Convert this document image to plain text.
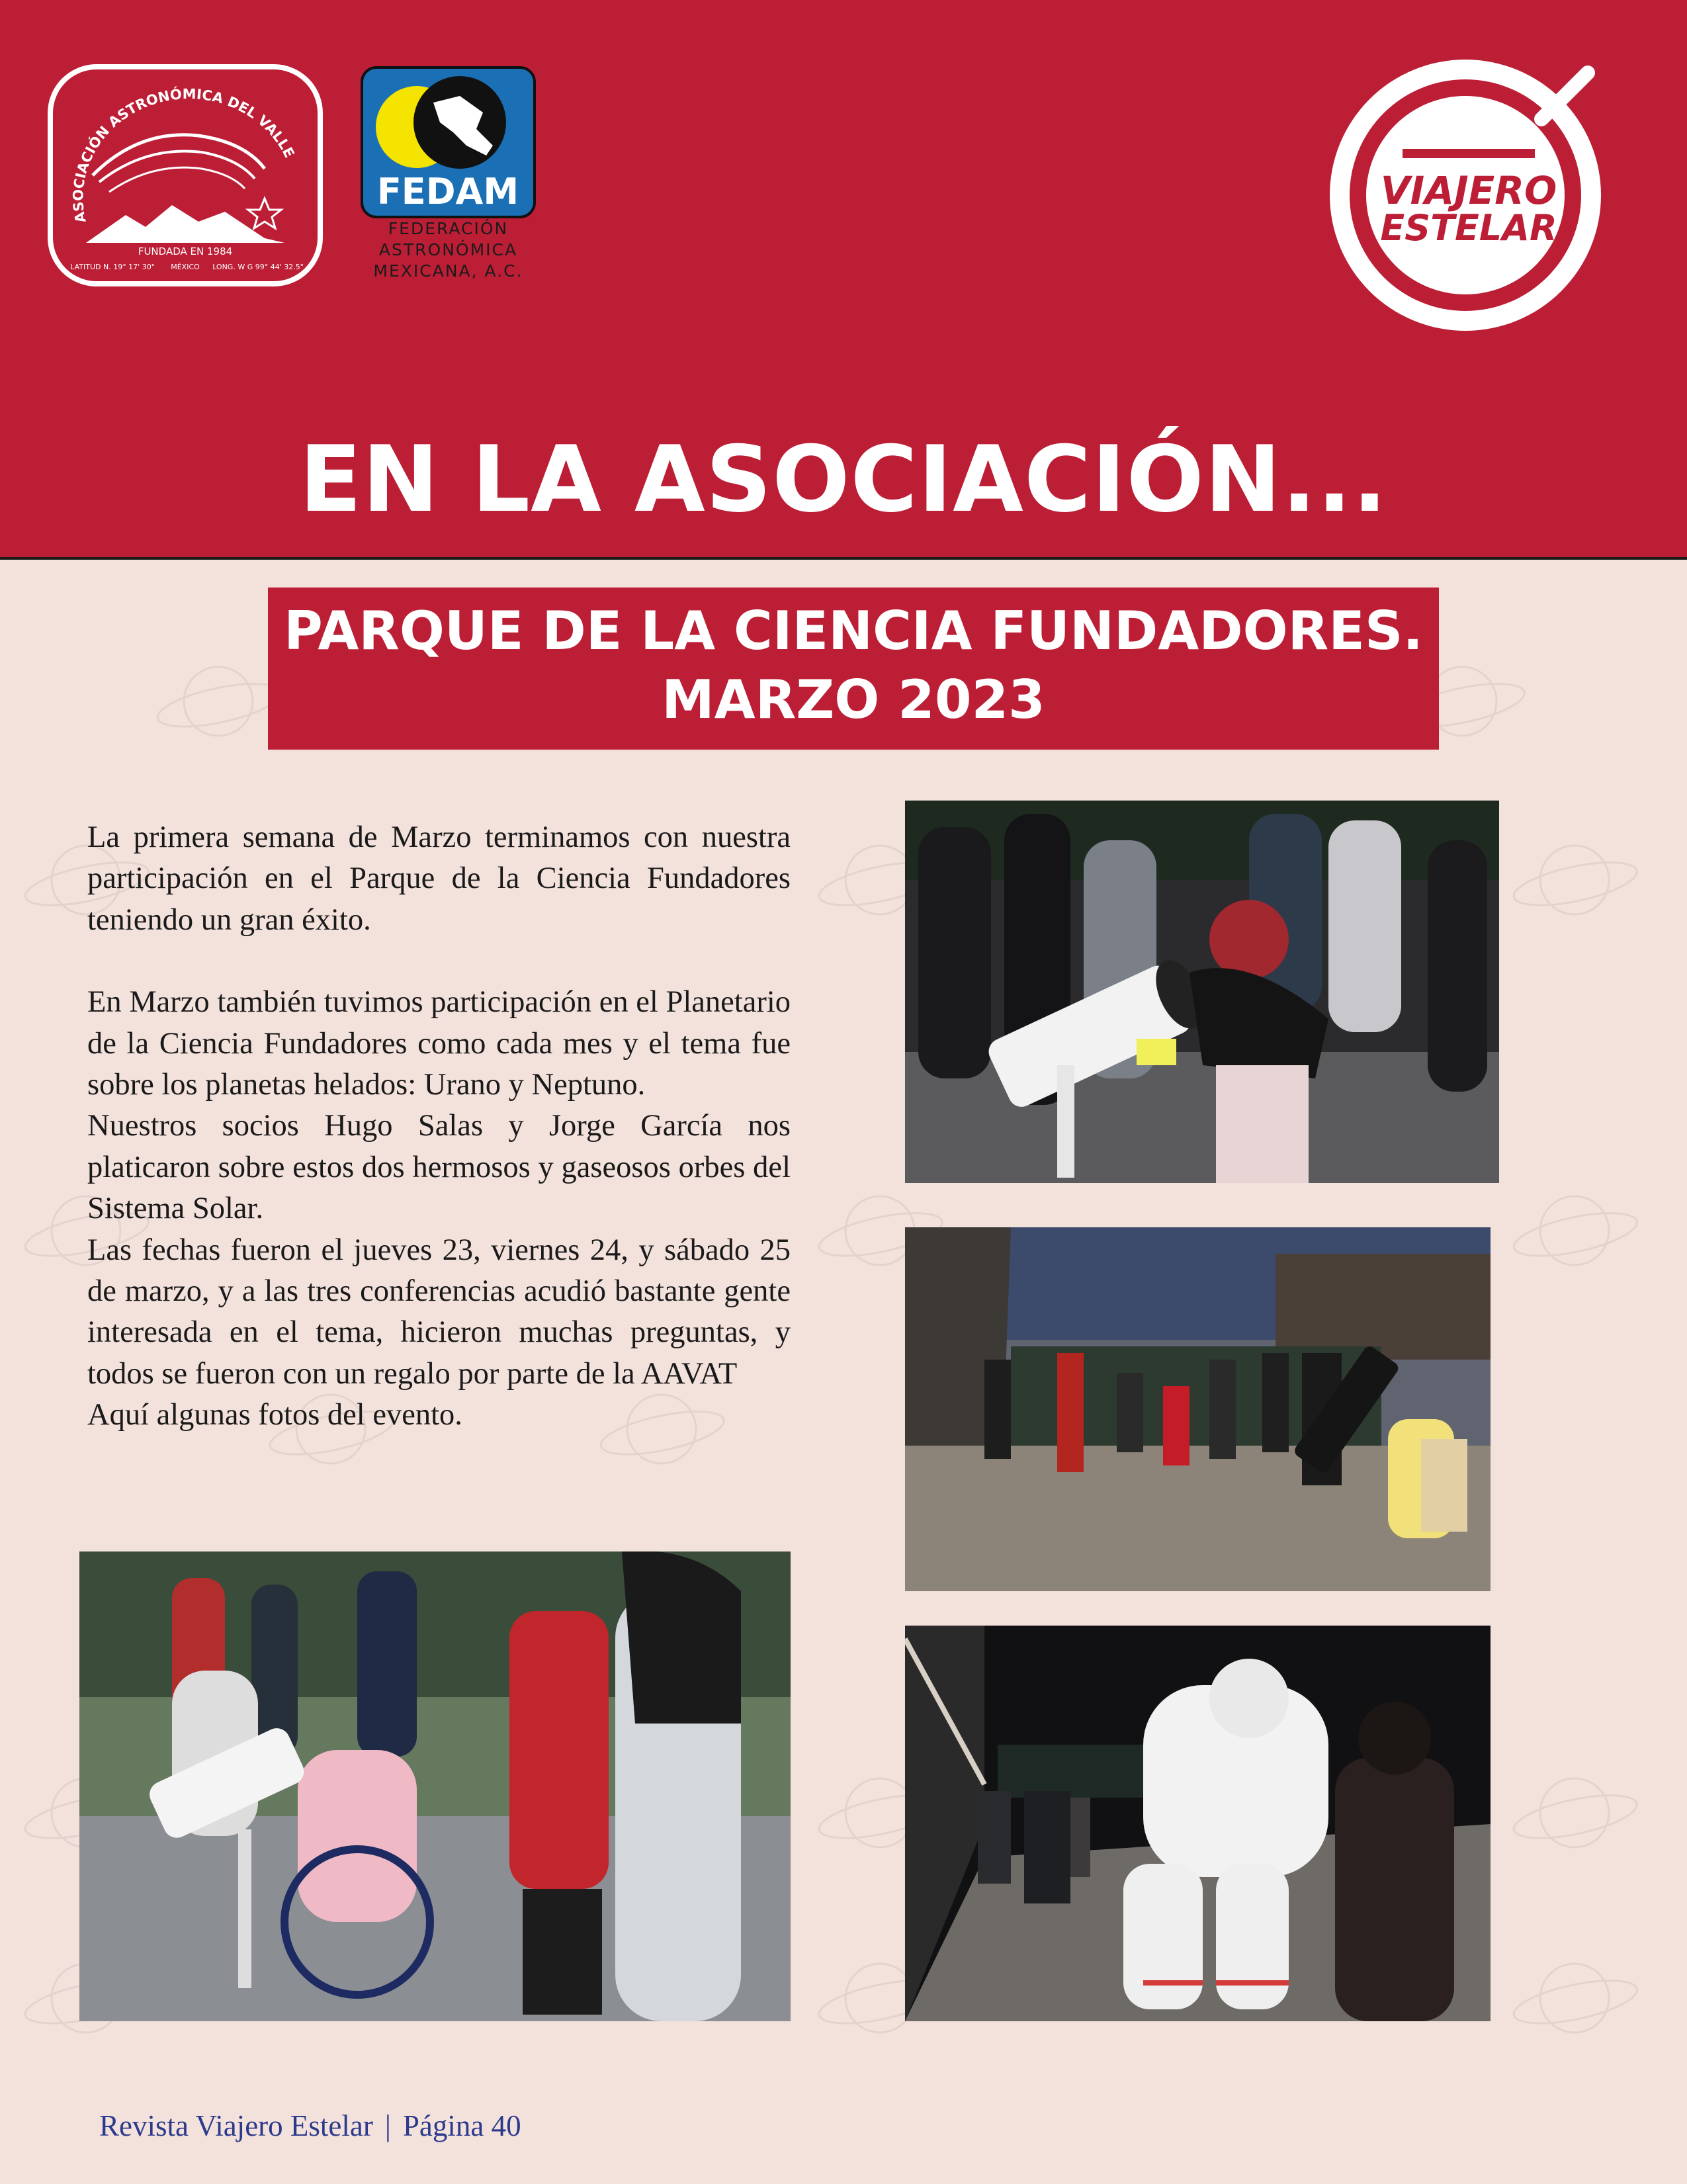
ASOCIACIÓN ASTRONÓMICA DEL VALLE
FUNDADA EN 1984
LATITUD N. 19° 17' 30" MÉXICO LONG. W G 99° 44' 32.5"
FEDAM
FEDERACIÓN
ASTRONÓMICA
MEXICANA, A.C.
VIAJERO
ESTELAR
EN LA ASOCIACIÓN...
PARQUE DE LA CIENCIA FUNDADORES.
MARZO 2023

La primera semana de Marzo terminamos con nuestra participación en el Parque de la Ciencia Fundadores teniendo un gran éxito.

En Marzo también tuvimos participación en el Planetario de la Ciencia Fundadores como cada mes y el tema fue sobre los planetas helados: Urano y Neptuno.

Nuestros socios Hugo Salas y Jorge García nos platicaron sobre estos dos hermosos y gaseosos orbes del Sistema Solar.

Las fechas fueron el jueves 23, viernes 24, y sábado 25 de marzo, y a las tres conferencias acudió bastante gente interesada en el tema, hicieron muchas preguntas, y todos se fueron con un regalo por parte de la AAVAT

Aquí algunas fotos del evento.

Revista Viajero Estelar | Página 40
